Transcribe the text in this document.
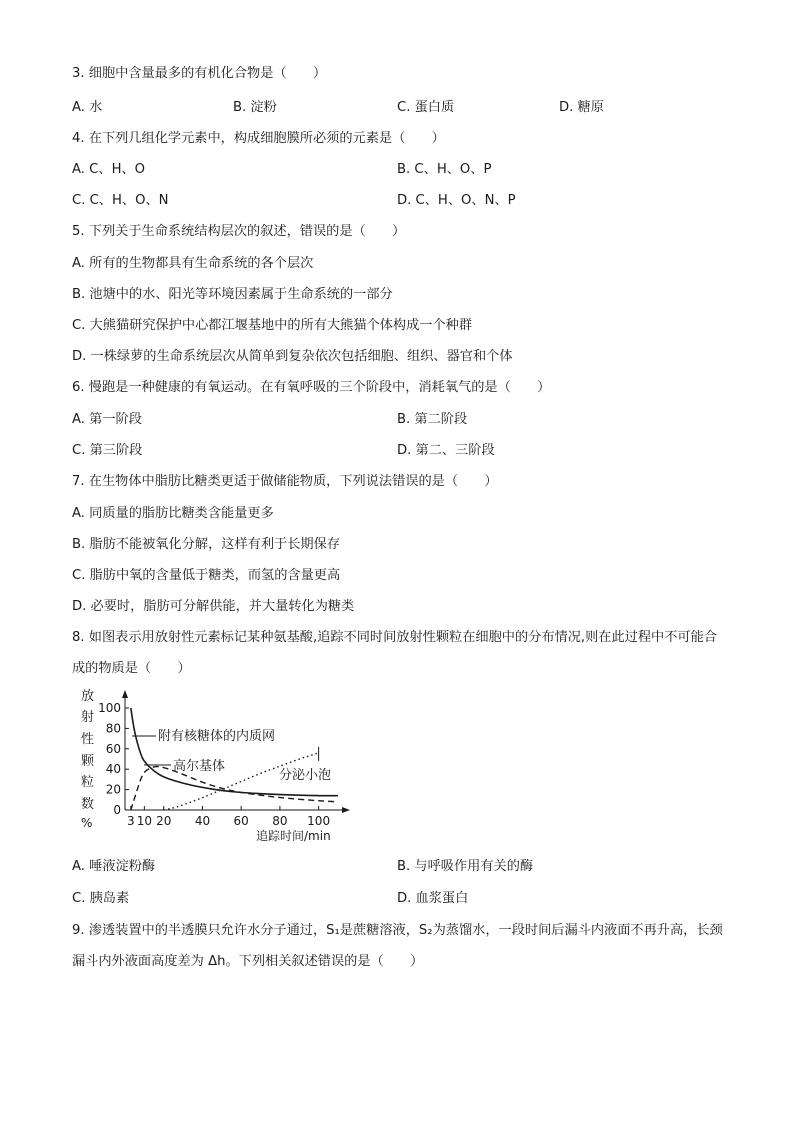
3. 细胞中含量最多的有机化合物是（　　）
A. 水	B. 淀粉	C. 蛋白质	D. 糖原
4. 在下列几组化学元素中，构成细胞膜所必须的元素是（　　）
A. C、H、O	B. C、H、O、P
C. C、H、O、N	D. C、H、O、N、P
5. 下列关于生命系统结构层次的叙述，错误的是（　　）
A. 所有的生物都具有生命系统的各个层次
B. 池塘中的水、阳光等环境因素属于生命系统的一部分
C. 大熊猫研究保护中心都江堰基地中的所有大熊猫个体构成一个种群
D. 一株绿萝的生命系统层次从简单到复杂依次包括细胞、组织、器官和个体
6. 慢跑是一种健康的有氧运动。在有氧呼吸的三个阶段中，消耗氧气的是（　　）
A. 第一阶段	B. 第二阶段
C. 第三阶段	D. 第二、三阶段
7. 在生物体中脂肪比糖类更适于做储能物质，下列说法错误的是（　　）
A. 同质量的脂肪比糖类含能量更多
B. 脂肪不能被氧化分解，这样有利于长期保存
C. 脂肪中氧的含量低于糖类，而氢的含量更高
D. 必要时，脂肪可分解供能，并大量转化为糖类
8. 如图表示用放射性元素标记某种氨基酸,追踪不同时间放射性颗粒在细胞中的分布情况,则在此过程中不可能合成的物质是（　　）
放
射
性
颗
粒
数
%
0
20
40
60
80
100
3 10 20 40 60 80 100
附有核糖体的内质网
高尔基体
分泌小泡
追踪时间/min
A. 唾液淀粉酶	B. 与呼吸作用有关的酶
C. 胰岛素	D. 血浆蛋白
9. 渗透装置中的半透膜只允许水分子通过，S₁是蔗糖溶液，S₂为蒸馏水，一段时间后漏斗内液面不再升高，长颈漏斗内外液面高度差为 Δh。下列相关叙述错误的是（　　）
